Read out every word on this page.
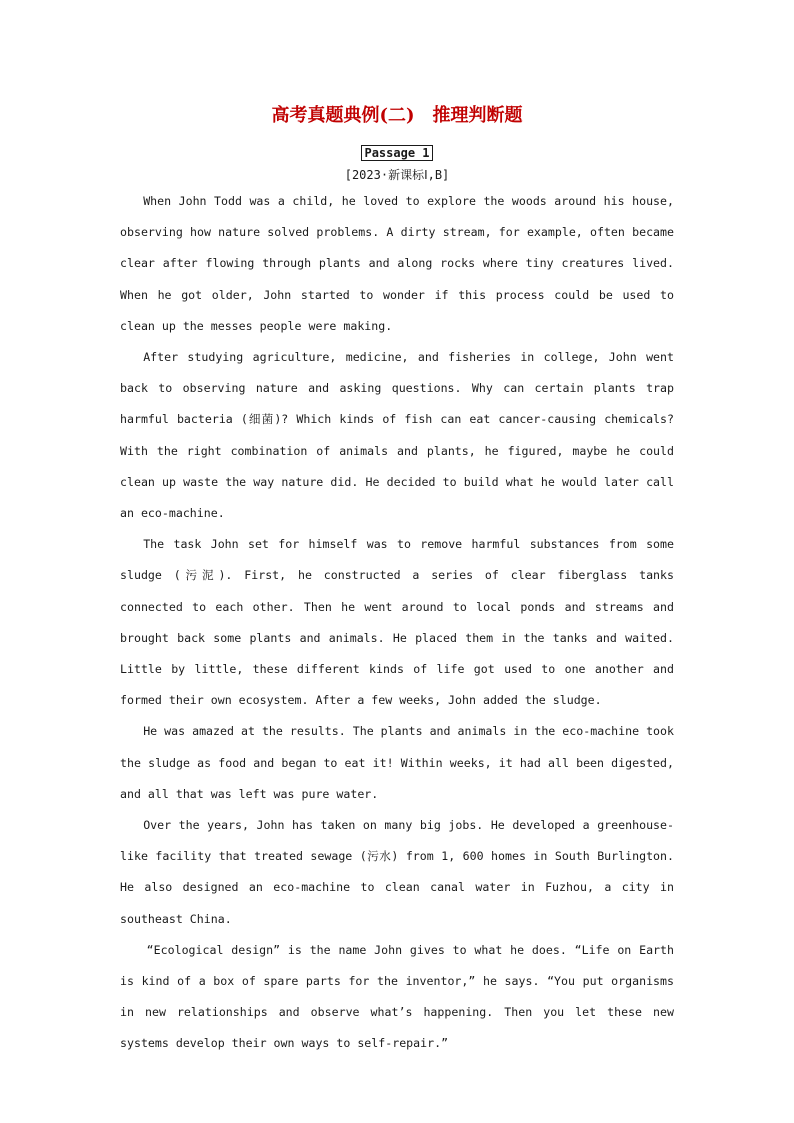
高考真题典例(二) 推理判断题
Passage 1
[2023·新课标Ⅰ,B]

When John Todd was a child, he loved to explore the woods around his house, observing how nature solved problems. A dirty stream, for example, often became clear after flowing through plants and along rocks where tiny creatures lived. When he got older, John started to wonder if this process could be used to clean up the messes people were making.

After studying agriculture, medicine, and fisheries in college, John went back to observing nature and asking questions. Why can certain plants trap harmful bacteria (细菌)? Which kinds of fish can eat cancer-causing chemicals? With the right combination of animals and plants, he figured, maybe he could clean up waste the way nature did. He decided to build what he would later call an eco-machine.

The task John set for himself was to remove harmful substances from some sludge (污泥). First, he constructed a series of clear fiberglass tanks connected to each other. Then he went around to local ponds and streams and brought back some plants and animals. He placed them in the tanks and waited. Little by little, these different kinds of life got used to one another and formed their own ecosystem. After a few weeks, John added the sludge.

He was amazed at the results. The plants and animals in the eco-machine took the sludge as food and began to eat it! Within weeks, it had all been digested, and all that was left was pure water.

Over the years, John has taken on many big jobs. He developed a greenhouse-like facility that treated sewage (污水) from 1, 600 homes in South Burlington. He also designed an eco-machine to clean canal water in Fuzhou, a city in southeast China.

“Ecological design” is the name John gives to what he does. “Life on Earth is kind of a box of spare parts for the inventor,” he says. “You put organisms in new relationships and observe what’s happening. Then you let these new systems develop their own ways to self-repair.”
